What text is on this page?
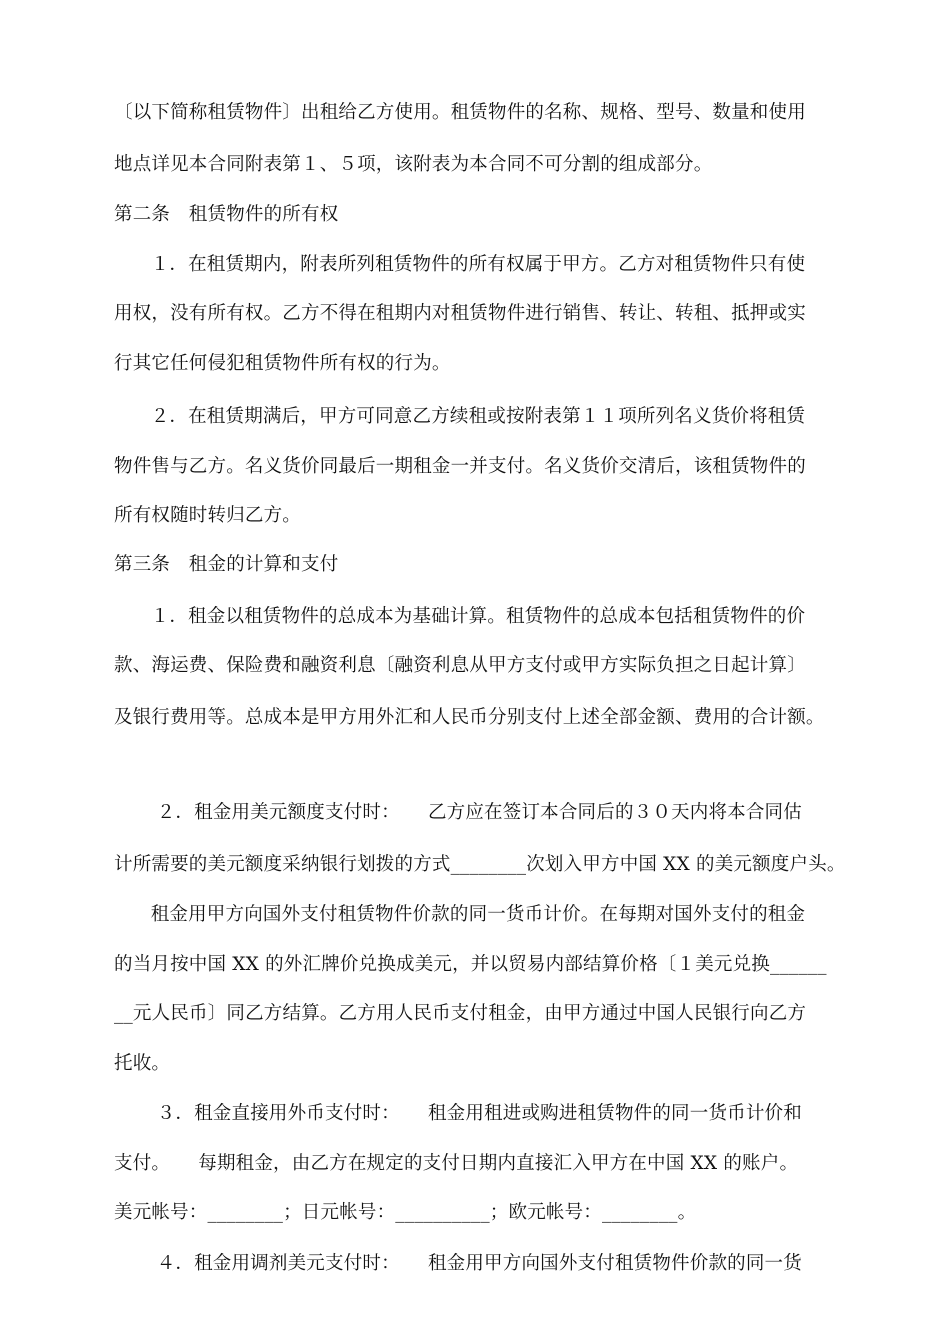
〔以下简称租赁物件〕出租给乙方使用。租赁物件的名称、规格、型号、数量和使用
地点详见本合同附表第１、５项，该附表为本合同不可分割的组成部分。
第二条　租赁物件的所有权
　１．在租赁期内，附表所列租赁物件的所有权属于甲方。乙方对租赁物件只有使
用权，没有所有权。乙方不得在租期内对租赁物件进行销售、转让、转租、抵押或实
行其它任何侵犯租赁物件所有权的行为。
　２．在租赁期满后，甲方可同意乙方续租或按附表第１１项所列名义货价将租赁
物件售与乙方。名义货价同最后一期租金一并支付。名义货价交清后，该租赁物件的
所有权随时转归乙方。
第三条　租金的计算和支付
　１．租金以租赁物件的总成本为基础计算。租赁物件的总成本包括租赁物件的价
款、海运费、保险费和融资利息〔融资利息从甲方支付或甲方实际负担之日起计算〕
及银行费用等。总成本是甲方用外汇和人民币分别支付上述全部金额、费用的合计额。
　２．租金用美元额度支付时：　　乙方应在签订本合同后的３０天内将本合同估
计所需要的美元额度采纳银行划拨的方式________次划入甲方中国 XX 的美元额度户头。
　租金用甲方向国外支付租赁物件价款的同一货币计价。在每期对国外支付的租金
的当月按中国 XX 的外汇牌价兑换成美元，并以贸易内部结算价格〔１美元兑换______
__元人民币〕同乙方结算。乙方用人民币支付租金，由甲方通过中国人民银行向乙方
托收。
　３．租金直接用外币支付时：　　租金用租进或购进租赁物件的同一货币计价和
支付。　　每期租金，由乙方在规定的支付日期内直接汇入甲方在中国 XX 的账户。
美元帐号：________；日元帐号：__________；欧元帐号：________。
　４．租金用调剂美元支付时：　　租金用甲方向国外支付租赁物件价款的同一货
